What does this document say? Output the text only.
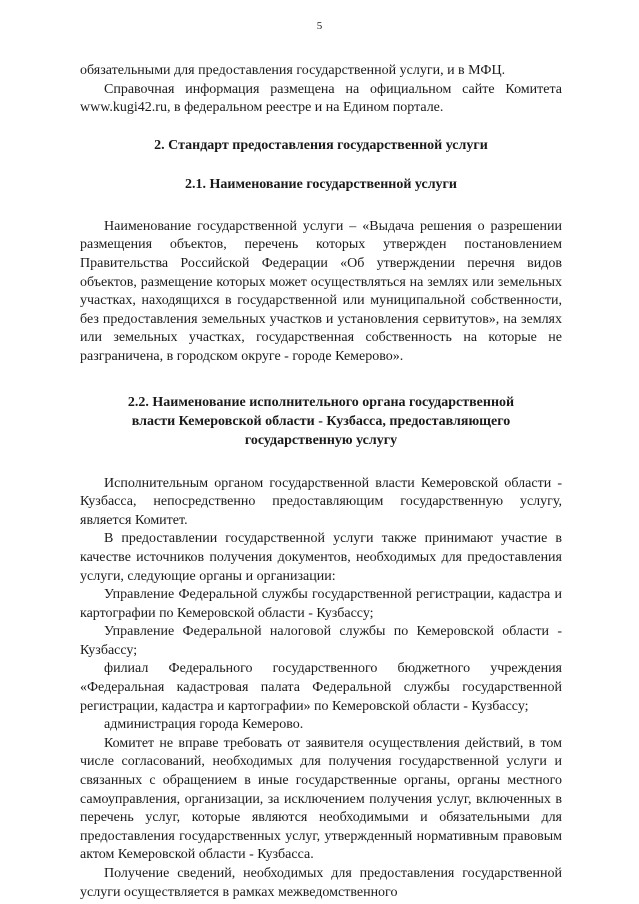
5

обязательными для предоставления государственной услуги, и в МФЦ.

Справочная информация размещена на официальном сайте Комитета www.kugi42.ru, в федеральном реестре и на Едином портале.

2. Стандарт предоставления государственной услуги

2.1. Наименование государственной услуги

Наименование государственной услуги – «Выдача решения о разрешении размещения объектов, перечень которых утвержден постановлением Правительства Российской Федерации «Об утверждении перечня видов объектов, размещение которых может осуществляться на землях или земельных участках, находящихся в государственной или муниципальной собственности, без предоставления земельных участков и установления сервитутов», на землях или земельных участках, государственная собственность на которые не разграничена, в городском округе - городе Кемерово».

2.2. Наименование исполнительного органа государственной
власти Кемеровской области - Кузбасса, предоставляющего
государственную услугу

Исполнительным органом государственной власти Кемеровской области - Кузбасса, непосредственно предоставляющим государственную услугу, является Комитет.

В предоставлении государственной услуги также принимают участие в качестве источников получения документов, необходимых для предоставления услуги, следующие органы и организации:

Управление Федеральной службы государственной регистрации, кадастра и картографии по Кемеровской области - Кузбассу;

Управление Федеральной налоговой службы по Кемеровской области - Кузбассу;

филиал Федерального государственного бюджетного учреждения «Федеральная кадастровая палата Федеральной службы государственной регистрации, кадастра и картографии» по Кемеровской области - Кузбассу;

администрация города Кемерово.

Комитет не вправе требовать от заявителя осуществления действий, в том числе согласований, необходимых для получения государственной услуги и связанных с обращением в иные государственные органы, органы местного самоуправления, организации, за исключением получения услуг, включенных в перечень услуг, которые являются необходимыми и обязательными для предоставления государственных услуг, утвержденный нормативным правовым актом Кемеровской области - Кузбасса.

Получение сведений, необходимых для предоставления государственной услуги осуществляется в рамках межведомственного
